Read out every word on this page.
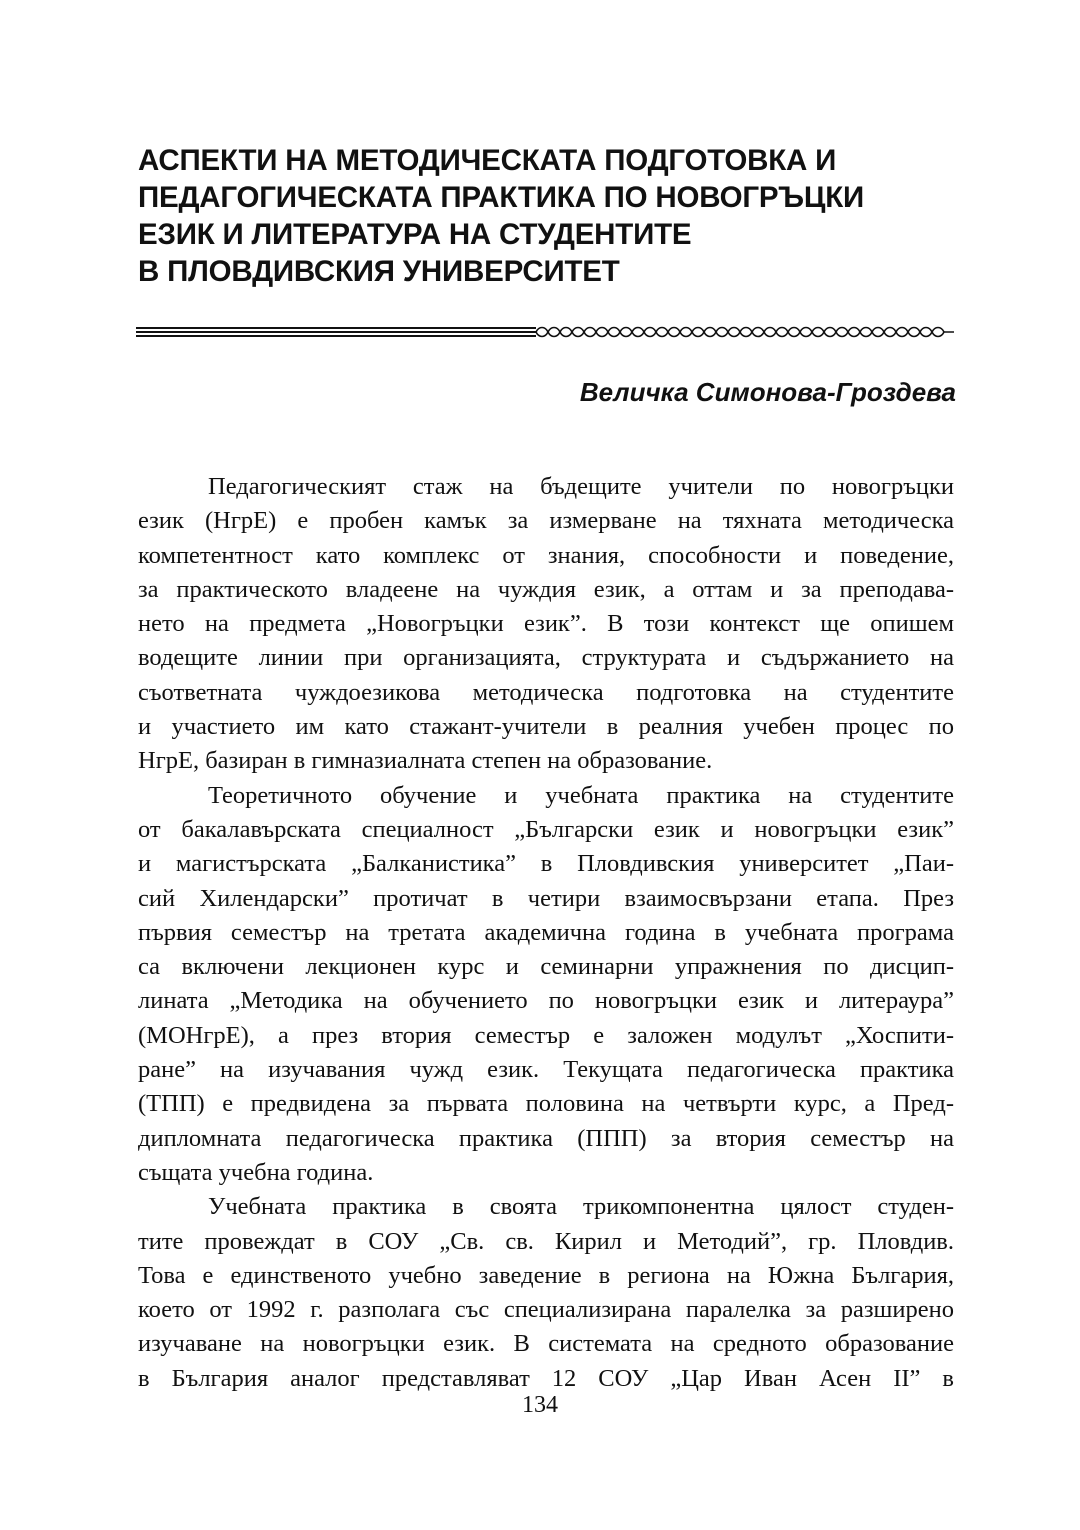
АСПЕКТИ НА МЕТОДИЧЕСКАТА ПОДГОТОВКА И
ПЕДАГОГИЧЕСКАТА ПРАКТИКА ПО НОВОГРЪЦКИ
ЕЗИК И ЛИТЕРАТУРА НА СТУДЕНТИТЕ
В ПЛОВДИВСКИЯ УНИВЕРСИТЕТ
Величка Симонова-Гроздева

Педагогическият стаж на бъдещите учители по новогръцки
език (НгрЕ) е пробен камък за измерване на тяхната методическа
компетентност като комплекс от знания, способности и поведение,
за практическото владеене на чуждия език, а оттам и за преподава-
нето на предмета „Новогръцки език”. В този контекст ще опишем
водещите линии при организацията, структурата и съдържанието на
съответната чуждоезикова методическа подготовка на студентите
и участието им като стажант-учители в реалния учебен процес по
НгрЕ, базиран в гимназиалната степен на образование.

Теоретичното обучение и учебната практика на студентите
от бакалавърската специалност „Български език и новогръцки език”
и магистърската „Балканистика” в Пловдивския университет „Паи-
сий Хилендарски” протичат в четири взаимосвързани етапа. През
първия семестър на третата академична година в учебната програма
са включени лекционен курс и семинарни упражнения по дисцип-
лината „Методика на обучението по новогръцки език и литераура”
(МОНгрЕ), а през втория семестър е заложен модулът „Хоспити-
ране” на изучавания чужд език. Текущата педагогическа практика
(ТПП) е предвидена за първата половина на четвърти курс, а Пред-
дипломната педагогическа практика (ППП) за втория семестър на
същата учебна година.

Учебната практика в своята трикомпонентна цялост студен-
тите провеждат в СОУ „Св. св. Кирил и Методий”, гр. Пловдив.
Това е единственото учебно заведение в региона на Южна България,
което от 1992 г. разполага със специализирана паралелка за разширено
изучаване на новогръцки език. В системата на средното образование
в България аналог представляват 12 СОУ „Цар Иван Асен II” в

134
